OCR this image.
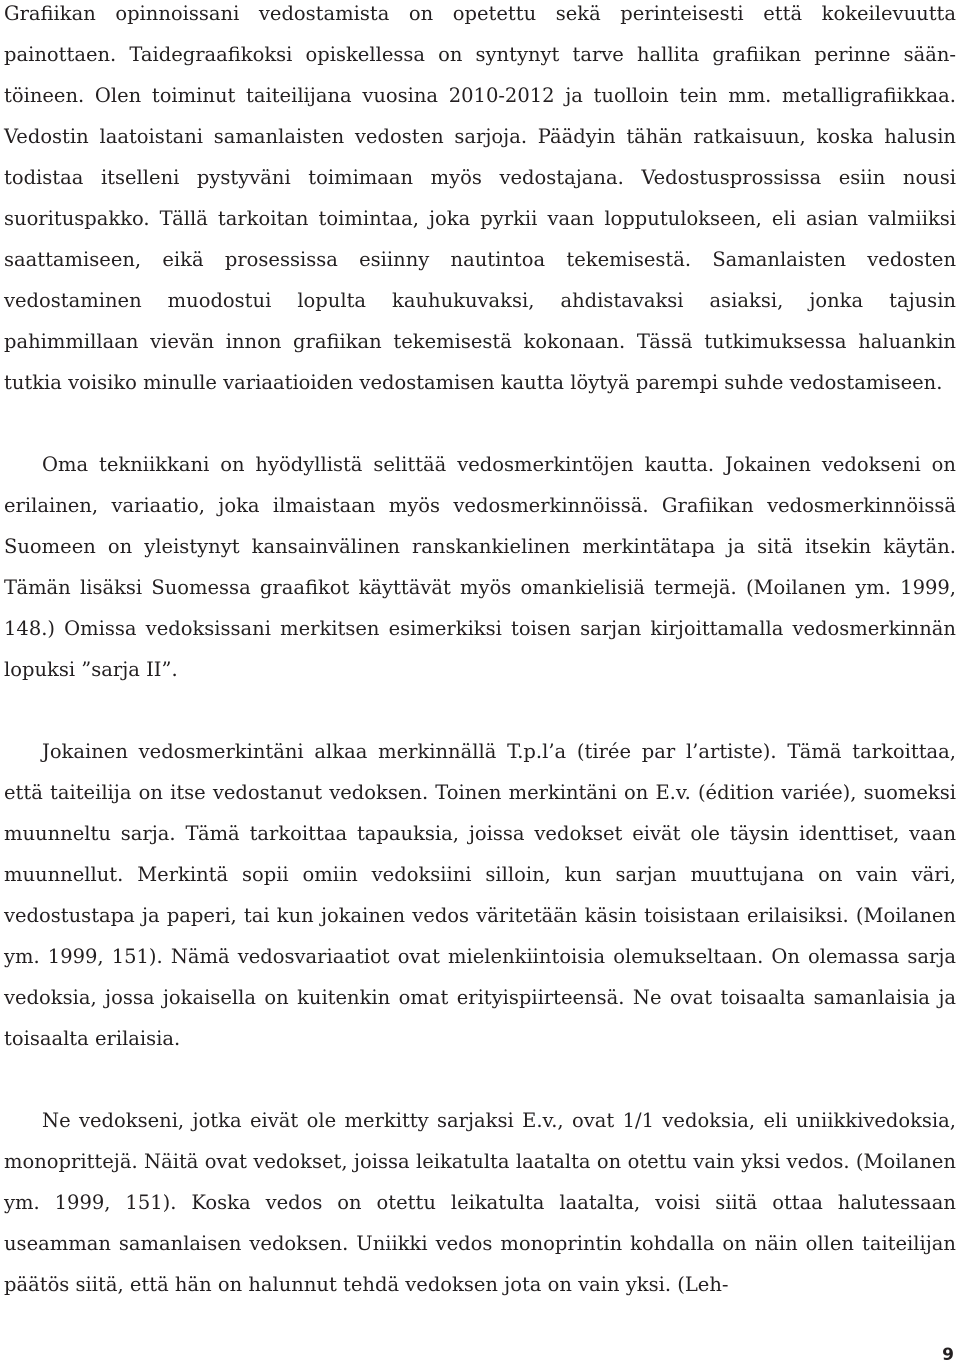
Grafiikan opinnoissani vedostamista on opetettu sekä perinteisesti että kokeilevuutta painottaen. Taidegraafikoksi opiskellessa on syntynyt tarve hallita grafiikan perinne sääntöineen. Olen toiminut taiteilijana vuosina 2010-2012 ja tuolloin tein mm. metalligrafiikkaa. Vedostin laatoistani samanlaisten vedosten sarjoja. Päädyin tähän ratkaisuun, koska halusin todistaa itselleni pystyväni toimimaan myös vedostajana. Vedostusprossissa esiin nousi suorituspakko. Tällä tarkoitan toimintaa, joka pyrkii vaan lopputulokseen, eli asian valmiiksi saattamiseen, eikä prosessissa esiinny nautintoa tekemisestä. Samanlaisten vedosten vedostaminen muodostui lopulta kauhukuvaksi, ahdistavaksi asiaksi, jonka tajusin pahimmillaan vievän innon grafiikan tekemisestä kokonaan. Tässä tutkimuksessa haluankin tutkia voisiko minulle variaatioiden vedostamisen kautta löytyä parempi suhde vedostamiseen.

Oma tekniikkani on hyödyllistä selittää vedosmerkintöjen kautta. Jokainen vedokseni on erilainen, variaatio, joka ilmaistaan myös vedosmerkinnöissä. Grafiikan vedosmerkinnöissä Suomeen on yleistynyt kansainvälinen ranskankielinen merkintätapa ja sitä itsekin käytän. Tämän lisäksi Suomessa graafikot käyttävät myös omankielisiä termejä. (Moilanen ym. 1999, 148.) Omissa vedoksissani merkitsen esimerkiksi toisen sarjan kirjoittamalla vedosmerkinnän lopuksi ”sarja II”.

Jokainen vedosmerkintäni alkaa merkinnällä T.p.l’a (tirée par l’artiste). Tämä tarkoittaa, että taiteilija on itse vedostanut vedoksen. Toinen merkintäni on E.v. (édition variée), suomeksi muunneltu sarja. Tämä tarkoittaa tapauksia, joissa vedokset eivät ole täysin identtiset, vaan muunnellut. Merkintä sopii omiin vedoksiini silloin, kun sarjan muuttujana on vain väri, vedostustapa ja paperi, tai kun jokainen vedos väritetään käsin toisistaan erilaisiksi. (Moilanen ym. 1999, 151). Nämä vedosvariaatiot ovat mielenkiintoisia olemukseltaan. On olemassa sarja vedoksia, jossa jokaisella on kuitenkin omat erityispiirteensä. Ne ovat toisaalta samanlaisia ja toisaalta erilaisia.

Ne vedokseni, jotka eivät ole merkitty sarjaksi E.v., ovat 1/1 vedoksia, eli uniikkivedoksia, monoprittejä. Näitä ovat vedokset, joissa leikatulta laatalta on otettu vain yksi vedos. (Moilanen ym. 1999, 151). Koska vedos on otettu leikatulta laatalta, voisi siitä ottaa halutessaan useamman samanlaisen vedoksen. Uniikki vedos monoprintin kohdalla on näin ollen taiteilijan päätös siitä, että hän on halunnut tehdä vedoksen jota on vain yksi. (Leh-

9
